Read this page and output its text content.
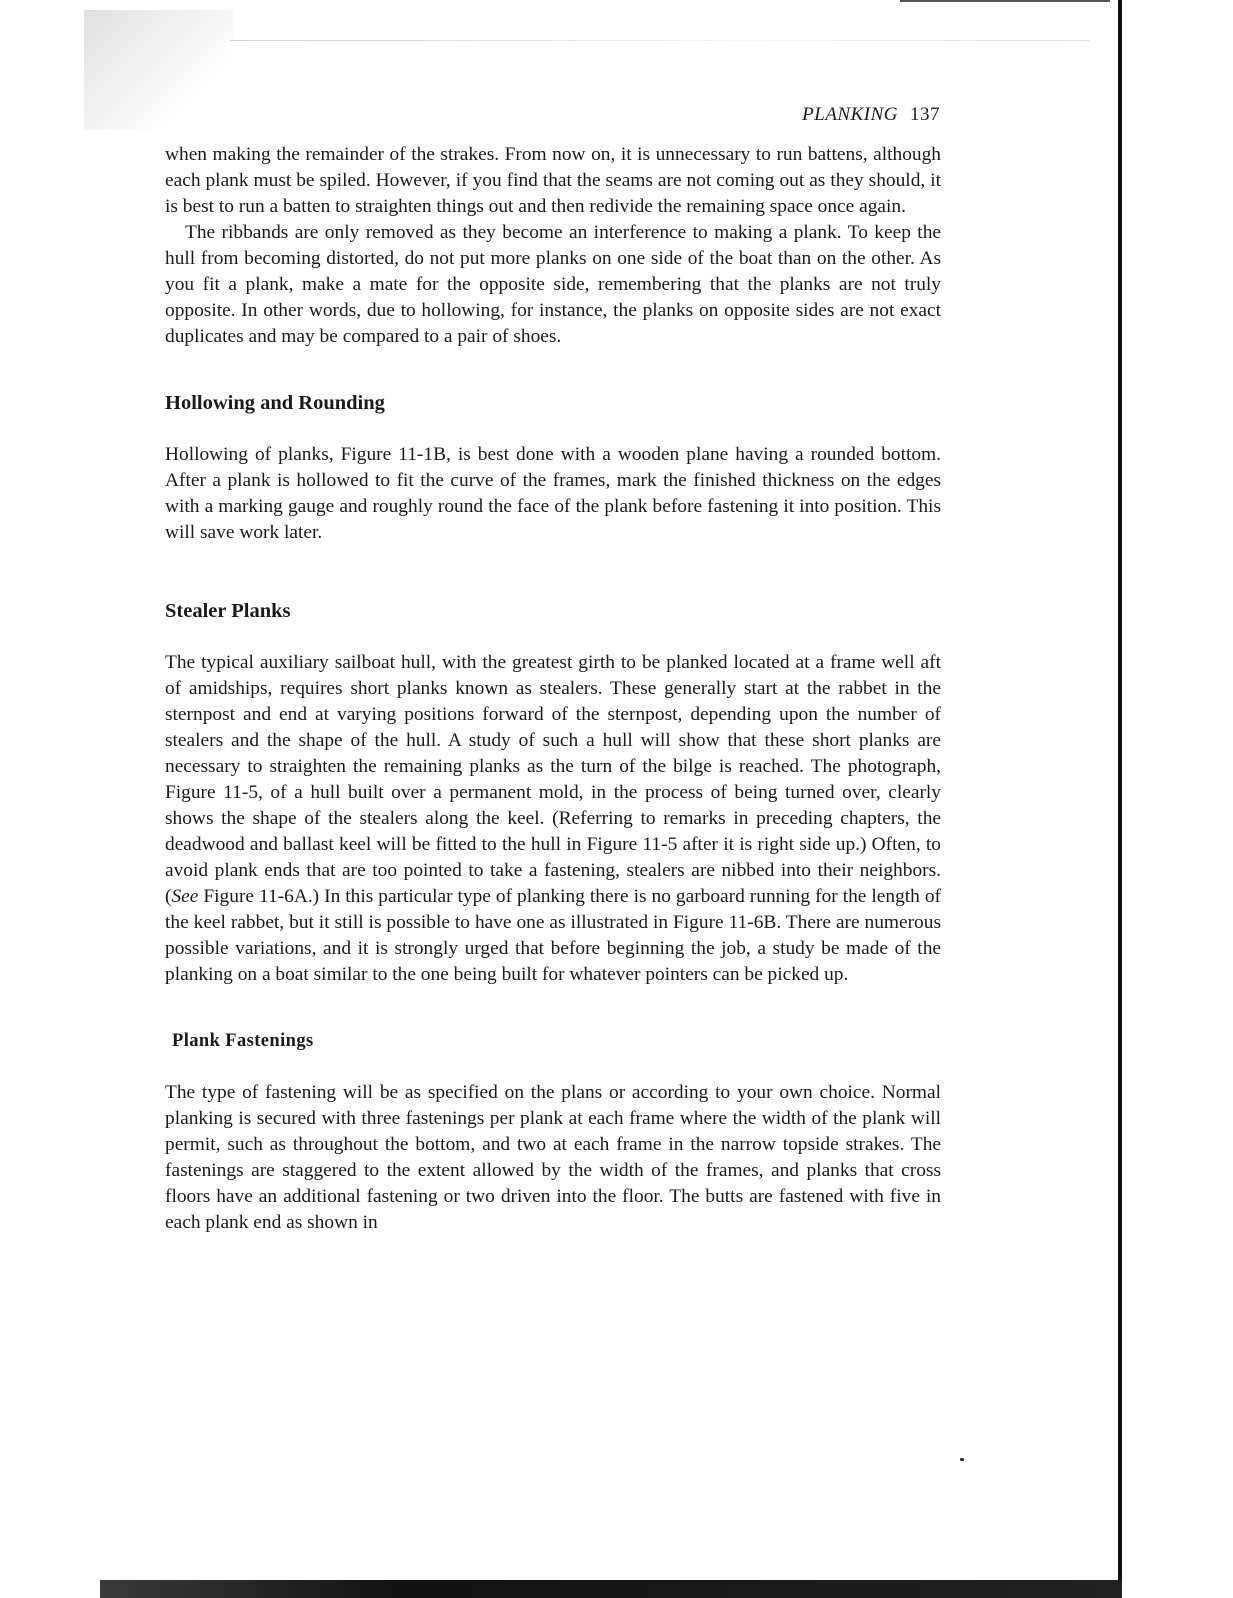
PLANKING 137

when making the remainder of the strakes. From now on, it is unnecessary to run battens, although each plank must be spiled. However, if you find that the seams are not coming out as they should, it is best to run a batten to straighten things out and then redivide the remaining space once again.

The ribbands are only removed as they become an interference to making a plank. To keep the hull from becoming distorted, do not put more planks on one side of the boat than on the other. As you fit a plank, make a mate for the opposite side, remembering that the planks are not truly opposite. In other words, due to hollowing, for instance, the planks on opposite sides are not exact duplicates and may be compared to a pair of shoes.

Hollowing and Rounding

Hollowing of planks, Figure 11-1B, is best done with a wooden plane having a rounded bottom. After a plank is hollowed to fit the curve of the frames, mark the finished thickness on the edges with a marking gauge and roughly round the face of the plank before fastening it into position. This will save work later.

Stealer Planks

The typical auxiliary sailboat hull, with the greatest girth to be planked located at a frame well aft of amidships, requires short planks known as stealers. These generally start at the rabbet in the sternpost and end at varying positions forward of the sternpost, depending upon the number of stealers and the shape of the hull. A study of such a hull will show that these short planks are necessary to straighten the remaining planks as the turn of the bilge is reached. The photograph, Figure 11-5, of a hull built over a permanent mold, in the process of being turned over, clearly shows the shape of the stealers along the keel. (Referring to remarks in preceding chapters, the deadwood and ballast keel will be fitted to the hull in Figure 11-5 after it is right side up.) Often, to avoid plank ends that are too pointed to take a fastening, stealers are nibbed into their neighbors. (See Figure 11-6A.) In this particular type of planking there is no garboard running for the length of the keel rabbet, but it still is possible to have one as illustrated in Figure 11-6B. There are numerous possible variations, and it is strongly urged that before beginning the job, a study be made of the planking on a boat similar to the one being built for whatever pointers can be picked up.

Plank Fastenings

The type of fastening will be as specified on the plans or according to your own choice. Normal planking is secured with three fastenings per plank at each frame where the width of the plank will permit, such as throughout the bottom, and two at each frame in the narrow topside strakes. The fastenings are staggered to the extent allowed by the width of the frames, and planks that cross floors have an additional fastening or two driven into the floor. The butts are fastened with five in each plank end as shown in
